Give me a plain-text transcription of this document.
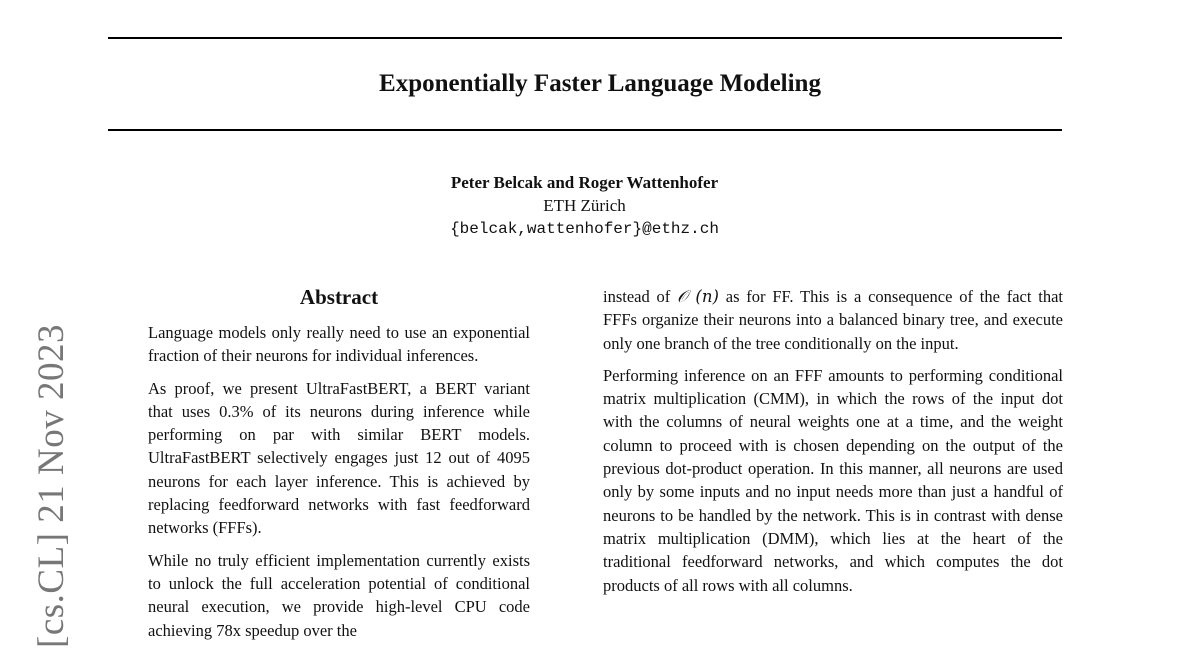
Exponentially Faster Language Modeling
Peter Belcak and Roger Wattenhofer
ETH Zürich
{belcak,wattenhofer}@ethz.ch
[cs.CL] 21 Nov 2023
Abstract

Language models only really need to use an exponential fraction of their neurons for individual inferences.

As proof, we present UltraFastBERT, a BERT variant that uses 0.3% of its neurons during inference while performing on par with similar BERT models. UltraFastBERT selectively engages just 12 out of 4095 neurons for each layer inference. This is achieved by replacing feedforward networks with fast feedforward networks (FFFs).

While no truly efficient implementation currently exists to unlock the full acceleration potential of conditional neural execution, we provide high-level CPU code achieving 78x speedup over the

instead of 𝒪 (n) as for FF. This is a consequence of the fact that FFFs organize their neurons into a balanced binary tree, and execute only one branch of the tree conditionally on the input.

Performing inference on an FFF amounts to performing conditional matrix multiplication (CMM), in which the rows of the input dot with the columns of neural weights one at a time, and the weight column to proceed with is chosen depending on the output of the previous dot-product operation. In this manner, all neurons are used only by some inputs and no input needs more than just a handful of neurons to be handled by the network. This is in contrast with dense matrix multiplication (DMM), which lies at the heart of the traditional feedforward networks, and which computes the dot products of all rows with all columns.
